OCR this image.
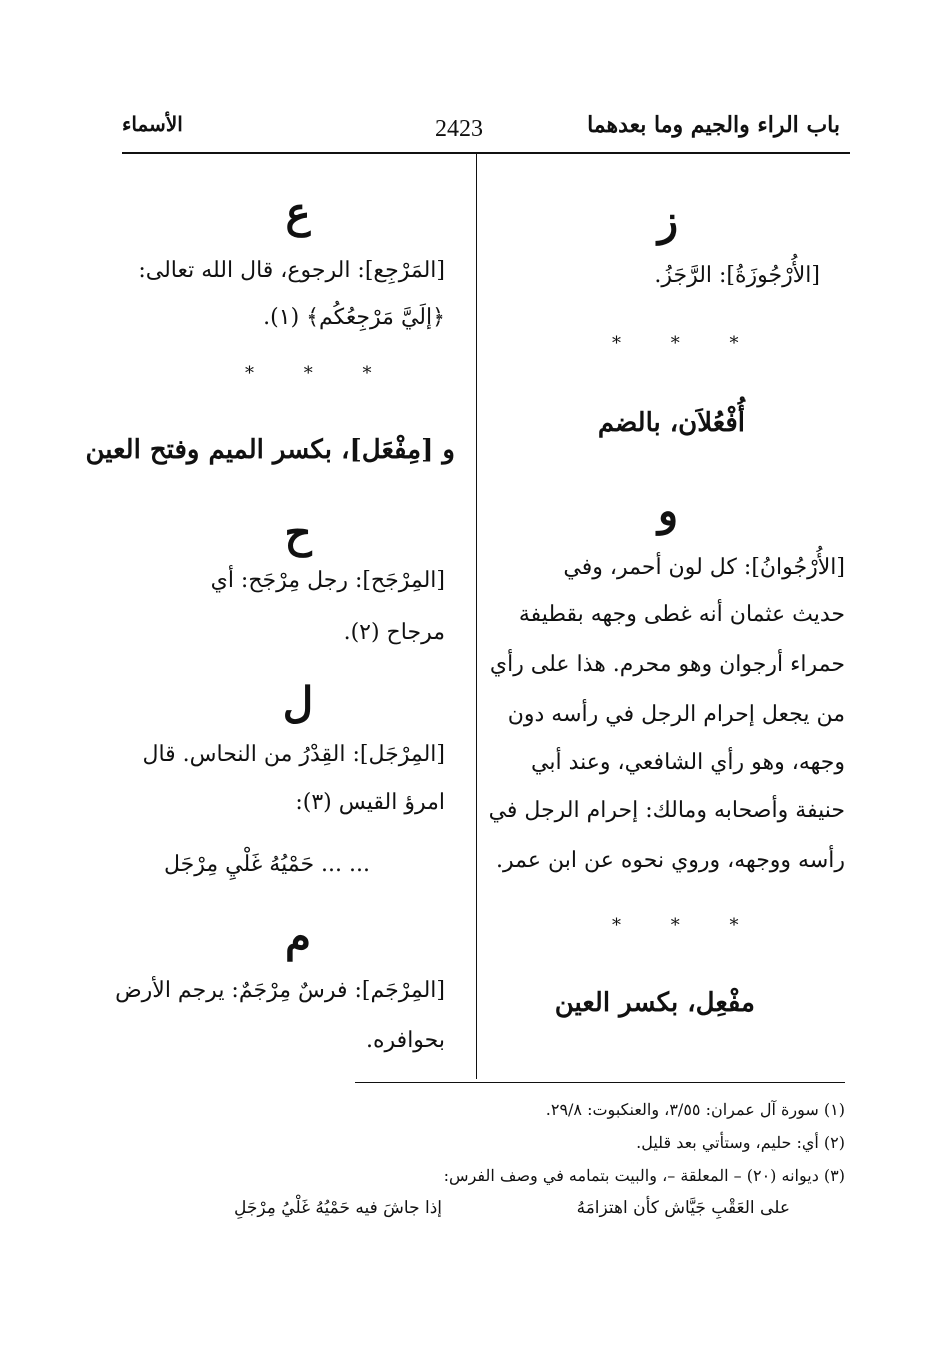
باب الراء والجيم وما بعدهما
2423
الأسماء
ز
[الأُرْجُوزَةُ]: الرَّجَزُ.
* * *
أُفْعُلاَن، بالضم
و
[الأُرْجُوانُ]: كل لون أحمر، وفي
حديث عثمان أنه غطى وجهه بقطيفة
حمراء أرجوان وهو محرم. هذا على رأي
من يجعل إحرام الرجل في رأسه دون
وجهه، وهو رأي الشافعي، وعند أبي
حنيفة وأصحابه ومالك: إحرام الرجل في
رأسه ووجهه، وروي نحوه عن ابن عمر.
* * *
مفْعِل، بكسر العين
ع
[المَرْجِع]: الرجوع، قال الله تعالى:
﴿إلَيَّ مَرْجِعُكُم﴾ (١).
* * *
و [مِفْعَل]، بكسر الميم وفتح العين
ح
[المِرْجَح]: رجل مِرْجَح: أي
مرجاح (٢).
ل
[المِرْجَل]: القِدْرُ من النحاس. قال
امرؤ القيس (٣):
... ... حَمْيُهُ غَلْيِ مِرْجَل
م
[المِرْجَم]: فرسٌ مِرْجَمٌ: يرجم الأرض
بحوافره.
(١) سورة آل عمران: ٣/٥٥، والعنكبوت: ٢٩/٨.
(٢) أي: حليم، وستأتي بعد قليل.
(٣) ديوانه (٢٠) – المعلقة –، والبيت بتمامه في وصف الفرس:
على العَقْبِ جَيَّاش كأن اهتزامَهُ
إذا جاشَ فيه حَمْيُهُ غَلْيُ مِرْجَلِ
